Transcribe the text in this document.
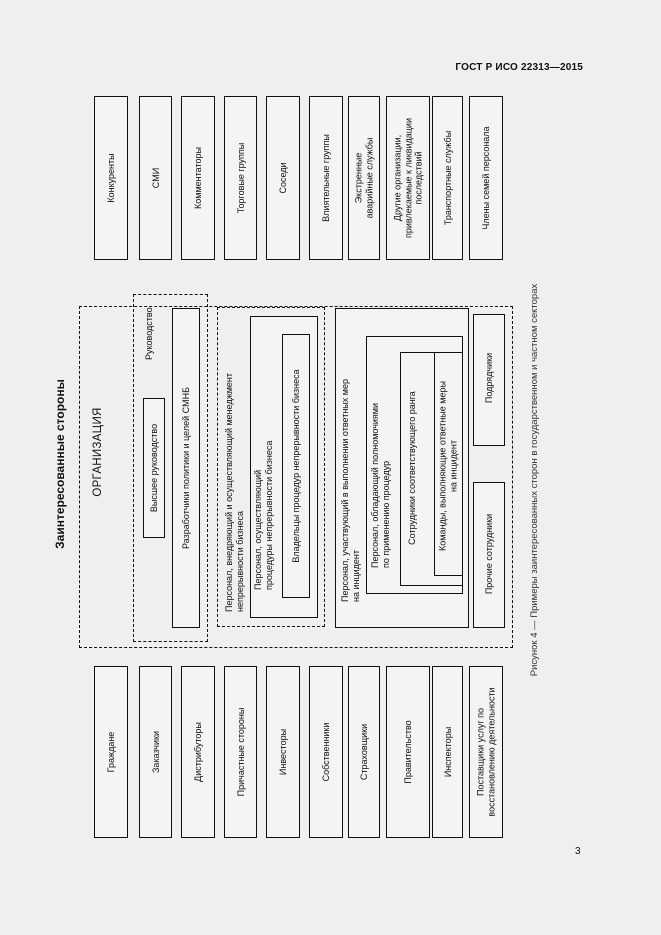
ГОСТ Р ИСО 22313—2015
Конкуренты	СМИ	Комментаторы	Торговые группы	Соседи	Влиятельные группы	Экстренные
аварийные службы
Другие организации,
привлекаемые к ликвидации
последствий Транспортные службы	Члены семей персонала
Граждане	Заказчики	Дистрибуторы	Причастные стороны	Инвесторы	Собственники	Страховщики	Правительство	Инспекторы	Поставщики услуг по
восстановлению деятельности
Заинтересованные стороны ОРГАНИЗАЦИЯ
Руководство
Высшее руководство Разработчики политики и целей СМНБ
Персонал, внедряющий и осуществляющий менеджмент
непрерывности бизнеса
Персонал, осуществляющий
процедуры непрерывности бизнеса Владельцы процедур непрерывности бизнеса
Персонал, участвующий в выполнении ответных мер
на инцидент
Персонал, обладающий полномочиями
по применению процедур Сотрудники соответствующего ранга Команды, выполняющие ответные меры
на инцидент
Прочие сотрудники
Подрядчики	Рисунок 4 — Примеры заинтересованных сторон в государственном и частном секторах
3
